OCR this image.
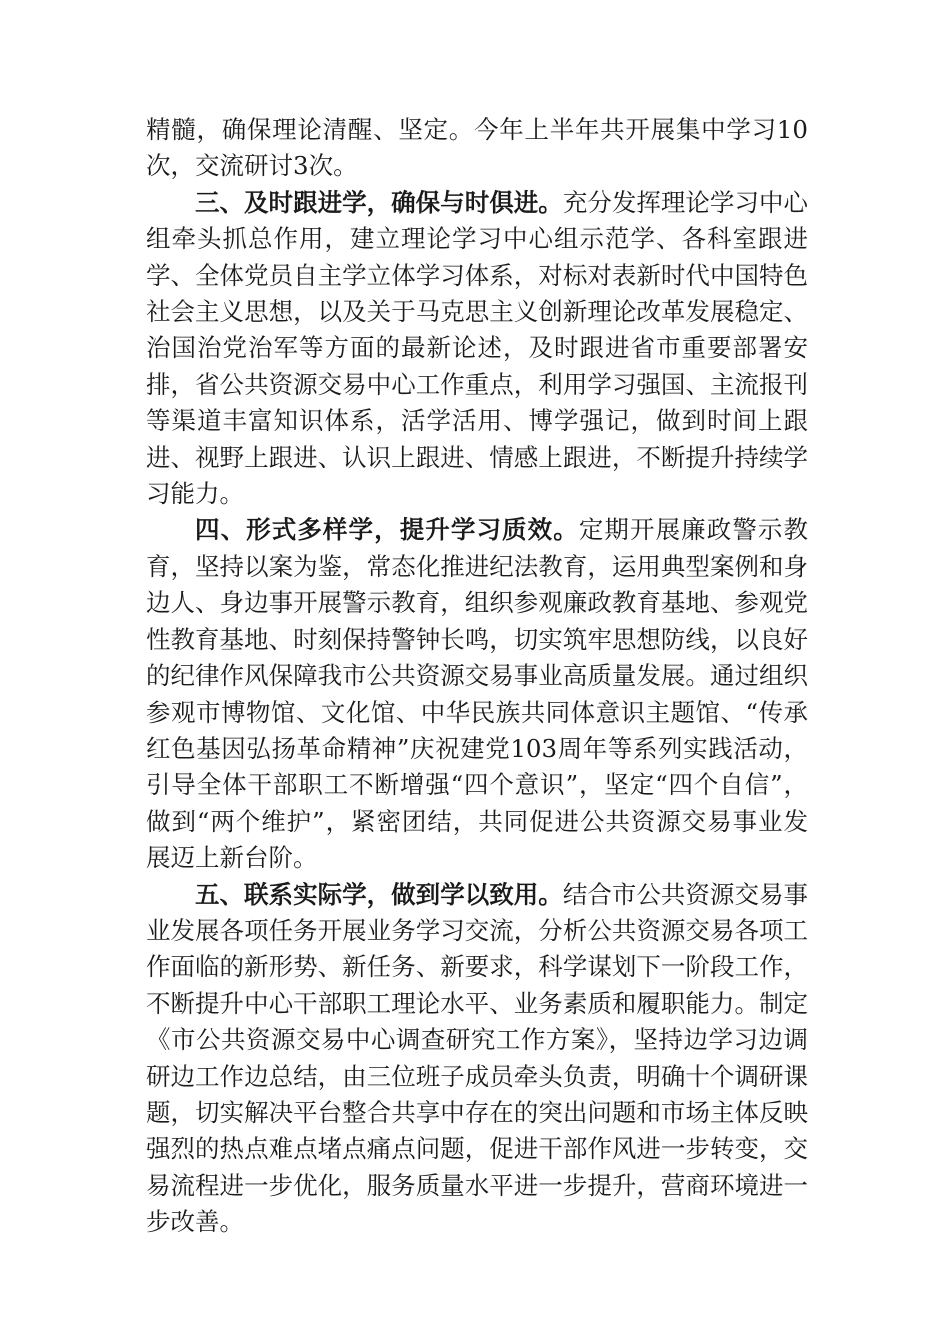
精髓，确保理论清醒、坚定。今年上半年共开展集中学习10次，交流研讨3次。

三、及时跟进学，确保与时俱进。充分发挥理论学习中心组牵头抓总作用，建立理论学习中心组示范学、各科室跟进学、全体党员自主学立体学习体系，对标对表新时代中国特色社会主义思想，以及关于马克思主义创新理论改革发展稳定、治国治党治军等方面的最新论述，及时跟进省市重要部署安排，省公共资源交易中心工作重点，利用学习强国、主流报刊等渠道丰富知识体系，活学活用、博学强记，做到时间上跟进、视野上跟进、认识上跟进、情感上跟进，不断提升持续学习能力。

四、形式多样学，提升学习质效。定期开展廉政警示教育，坚持以案为鉴，常态化推进纪法教育，运用典型案例和身边人、身边事开展警示教育，组织参观廉政教育基地、参观党性教育基地、时刻保持警钟长鸣，切实筑牢思想防线，以良好的纪律作风保障我市公共资源交易事业高质量发展。通过组织参观市博物馆、文化馆、中华民族共同体意识主题馆、“传承红色基因弘扬革命精神”庆祝建党103周年等系列实践活动，引导全体干部职工不断增强“四个意识”，坚定“四个自信”，做到“两个维护”，紧密团结，共同促进公共资源交易事业发展迈上新台阶。

五、联系实际学，做到学以致用。结合市公共资源交易事业发展各项任务开展业务学习交流，分析公共资源交易各项工作面临的新形势、新任务、新要求，科学谋划下一阶段工作，不断提升中心干部职工理论水平、业务素质和履职能力。制定《市公共资源交易中心调查研究工作方案》，坚持边学习边调研边工作边总结，由三位班子成员牵头负责，明确十个调研课题，切实解决平台整合共享中存在的突出问题和市场主体反映强烈的热点难点堵点痛点问题，促进干部作风进一步转变，交易流程进一步优化，服务质量水平进一步提升，营商环境进一步改善。
